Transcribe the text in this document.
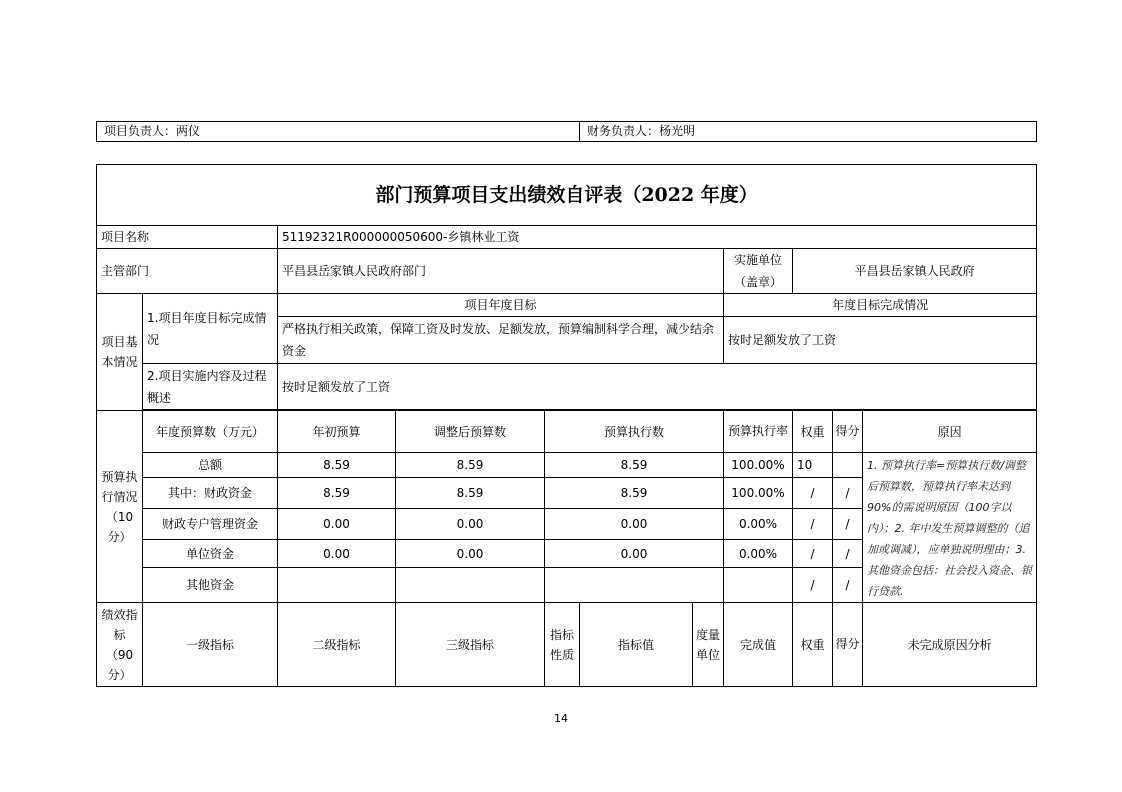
项目负责人：两仪	财务负责人：杨光明
部门预算项目支出绩效自评表（2022 年度）										
项目名称		51192321R000000050600-乡镇林业工资								
主管部门		平昌县岳家镇人民政府部门					实施单位（盖章）	平昌县岳家镇人民政府		
项目基本情况	1.项目年度目标完成情况	项目年度目标					年度目标完成情况			
		严格执行相关政策，保障工资及时发放、足额发放，预算编制科学合理，减少结余资金					按时足额发放了工资			
	2.项目实施内容及过程概述	按时足额发放了工资								

预算执行情况（10分）	年度预算数（万元）	年初预算	调整后预算数	预算执行数			预算执行率	权重	得分	原因
	总额	8.59	8.59	8.59			100.00%	10		1. 预算执行率=预算执行数/调整后预算数，预算执行率未达到90%的需说明原因（100字以内）；2. 年中发生预算调整的（追加或调减），应单独说明理由；3. 其他资金包括：社会投入资金、银行贷款.
	其中：财政资金	8.59	8.59	8.59			100.00%	/	/	
	财政专户管理资金	0.00	0.00	0.00			0.00%	/	/	
	单位资金	0.00	0.00	0.00			0.00%	/	/	
	其他资金							/	/	
绩效指标（90分）	一级指标	二级指标	三级指标	指标性质	指标值	度量单位	完成值	权重	得分	未完成原因分析
14
